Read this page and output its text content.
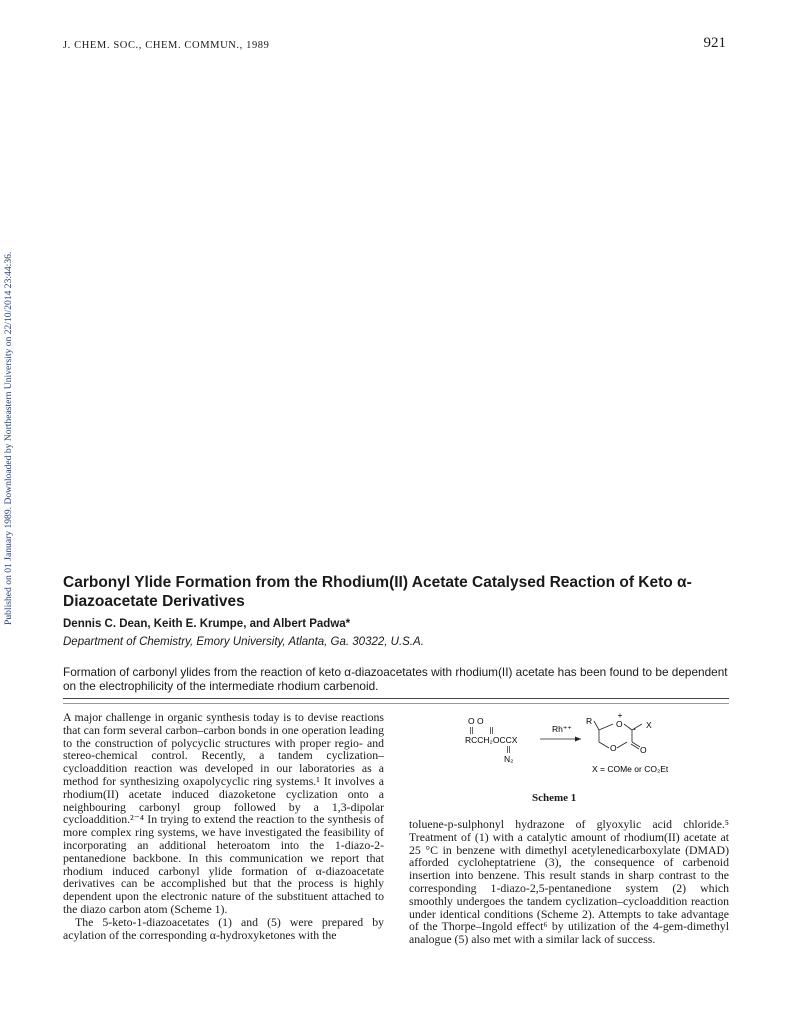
J. CHEM. SOC., CHEM. COMMUN., 1989	921
Published on 01 January 1989. Downloaded by Northeastern University on 22/10/2014 23:44:36.	Carbonyl Ylide Formation from the Rhodium(II) Acetate Catalysed Reaction of Keto α-Diazoacetate Derivatives
Dennis C. Dean, Keith E. Krumpe, and Albert Padwa*
Department of Chemistry, Emory University, Atlanta, Ga. 30322, U.S.A.
Formation of carbonyl ylides from the reaction of keto α-diazoacetates with rhodium(II) acetate has been found to be dependent on the electrophilicity of the intermediate rhodium carbenoid.

A major challenge in organic synthesis today is to devise reactions that can form several carbon–carbon bonds in one operation leading to the construction of polycyclic structures with proper regio- and stereo-chemical control. Recently, a tandem cyclization–cycloaddition reaction was developed in our laboratories as a method for synthesizing oxapolycyclic ring systems.¹ It involves a rhodium(II) acetate induced diazoketone cyclization onto a neighbouring carbonyl group followed by a 1,3-dipolar cycloaddition.²⁻⁴ In trying to extend the reaction to the synthesis of more complex ring systems, we have investigated the feasibility of incorporating an additional heteroatom into the 1-diazo-2-pentanedione backbone. In this communication we report that rhodium induced carbonyl ylide formation of α-diazoacetate derivatives can be accomplished but that the process is highly dependent upon the electronic nature of the substituent attached to the diazo carbon atom (Scheme 1).

The 5-keto-1-diazoacetates (1) and (5) were prepared by acylation of the corresponding α-hydroxyketones with the

toluene-p-sulphonyl hydrazone of glyoxylic acid chloride.⁵ Treatment of (1) with a catalytic amount of rhodium(II) acetate at 25 °C in benzene with dimethyl acetylenedicarboxylate (DMAD) afforded cycloheptatriene (3), the consequence of carbenoid insertion into benzene. This result stands in sharp contrast to the corresponding 1-diazo-2,5-pentanedione system (2) which smoothly undergoes the tandem cyclization–cycloaddition reaction under identical conditions (Scheme 2). Attempts to take advantage of the Thorpe–Ingold effect⁶ by utilization of the 4-gem-dimethyl analogue (5) also met with a similar lack of success.

O O
RCCH₂OCCX
N₂
Rh⁺⁺
R	O
+
X
O	O
X = COMe or CO₂Et
Scheme 1
